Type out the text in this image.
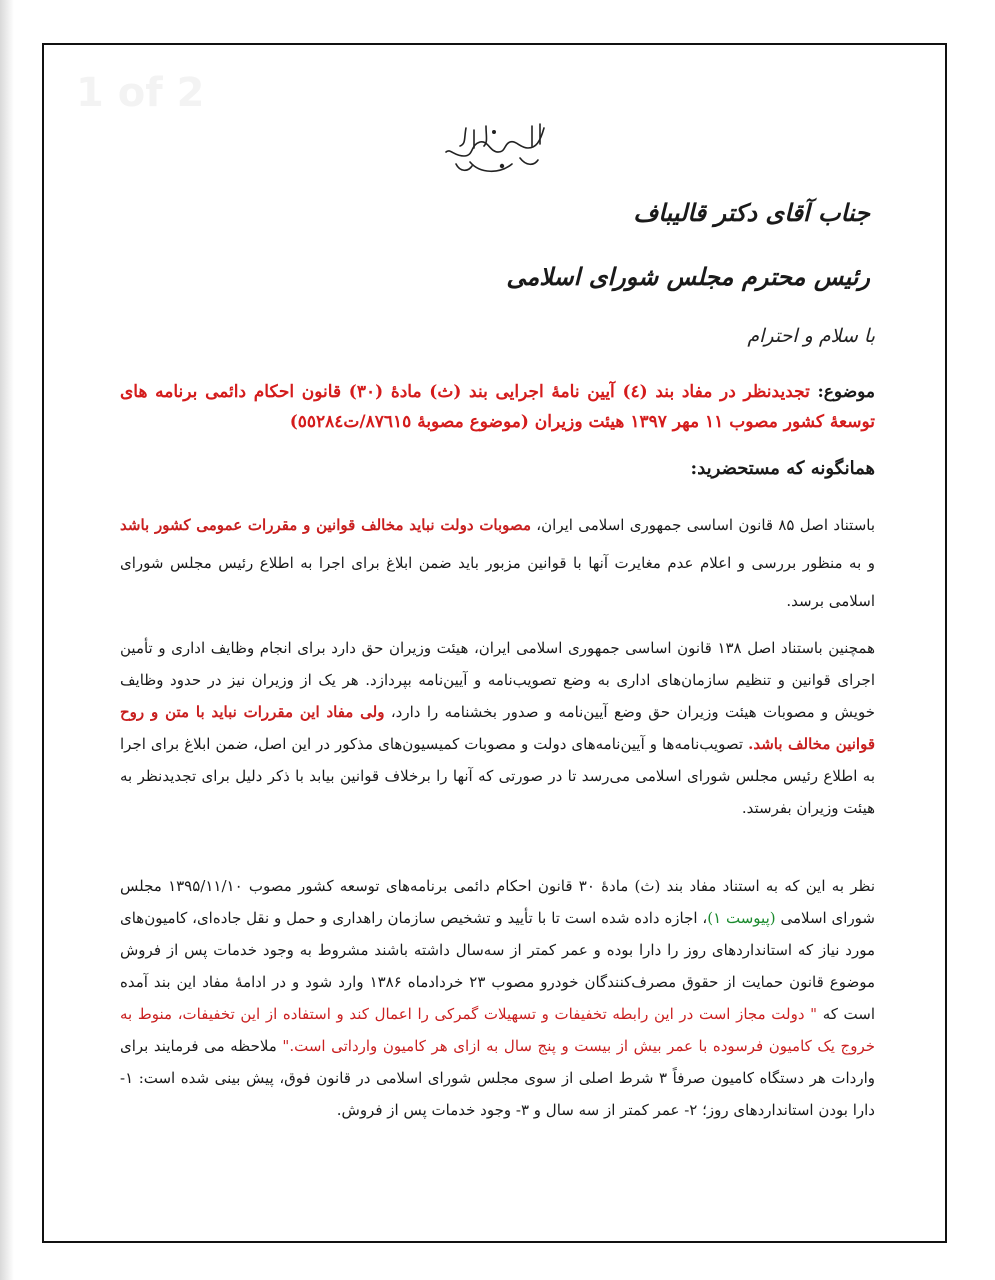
1 of 2
جناب آقای دکتر قالیباف
رئیس محترم مجلس شورای اسلامی
با سلام و احترام
موضوع: تجدیدنظر در مفاد بند (٤) آیین نامهٔ اجرایی بند (ث) مادهٔ (٣٠) قانون احکام دائمی برنامه های توسعهٔ کشور مصوب ١١ مهر ١٣٩٧ هیئت وزیران (موضوع مصوبهٔ ٨٧٦١٥/ت٥٥٢٨٤)
همانگونه که مستحضرید:
باستناد اصل ۸۵ قانون اساسی جمهوری اسلامی ایران، مصوبات دولت نباید مخالف قوانین و مقررات عمومی کشور باشد و به منظور بررسی و اعلام عدم مغایرت آنها با قوانین مزبور باید ضمن ابلاغ برای اجرا به اطلاع رئیس مجلس شورای اسلامی برسد.
همچنین باستناد اصل ۱۳۸ قانون اساسی جمهوری اسلامی ایران، هیئت وزیران حق دارد برای انجام وظایف اداری و تأمین اجرای قوانین و تنظیم سازمان‌های اداری به وضع تصویب‌نامه و آیین‌نامه بپردازد. هر یک از وزیران نیز در حدود وظایف خویش و مصوبات هیئت وزیران حق وضع آیین‌نامه و صدور بخشنامه را دارد، ولی مفاد این مقررات نباید با متن و روح قوانین مخالف باشد. تصویب‌نامه‌ها و آیین‌نامه‌های دولت و مصوبات کمیسیون‌های مذکور در این اصل، ضمن ابلاغ برای اجرا به اطلاع رئیس مجلس شورای اسلامی می‌رسد تا در صورتی که آنها را برخلاف قوانین بیابد با ذکر دلیل برای تجدیدنظر به هیئت وزیران بفرستد.
نظر به این که به استناد مفاد بند (ث) مادهٔ ۳۰ قانون احکام دائمی برنامه‌های توسعه کشور مصوب ۱۳۹۵/۱۱/۱۰ مجلس شورای اسلامی (پیوست ۱)، اجازه داده شده است تا با تأیید و تشخیص سازمان راهداری و حمل و نقل جاده‌ای، کامیون‌های مورد نیاز که استانداردهای روز را دارا بوده و عمر کمتر از سه‌سال داشته باشند مشروط به وجود خدمات پس از فروش موضوع قانون حمایت از حقوق مصرف‌کنندگان خودرو مصوب ۲۳ خردادماه ۱۳۸۶ وارد شود و در ادامهٔ مفاد این بند آمده است که " دولت مجاز است در این رابطه تخفیفات و تسهیلات گمرکی را اعمال کند و استفاده از این تخفیفات، منوط به خروج یک کامیون فرسوده با عمر بیش از بیست و پنج سال به ازای هر کامیون وارداتی است." ملاحظه می فرمایند برای واردات هر دستگاه کامیون صرفاً ۳ شرط اصلی از سوی مجلس شورای اسلامی در قانون فوق، پیش بینی شده است: ۱- دارا بودن استانداردهای روز؛ ۲- عمر کمتر از سه سال و ۳- وجود خدمات پس از فروش.
